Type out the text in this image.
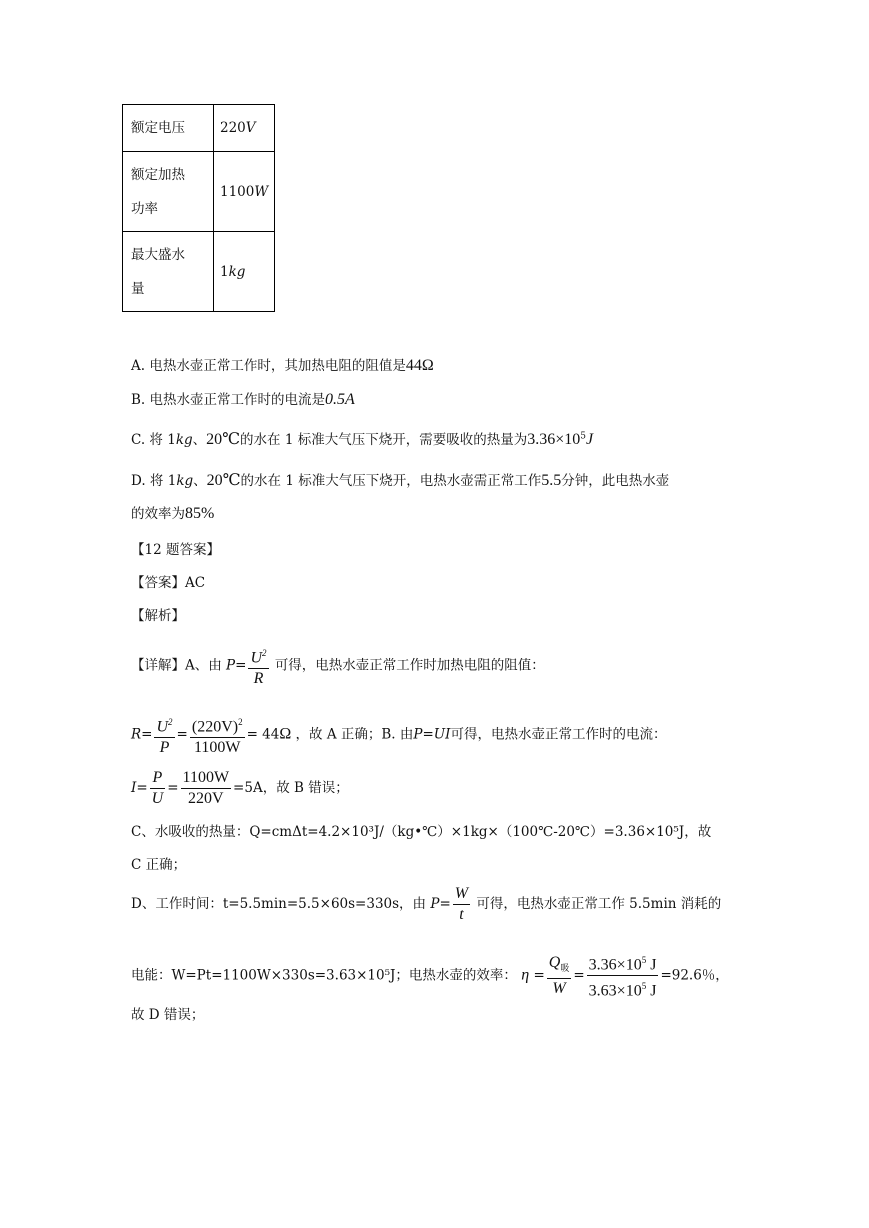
额定电压	220V
额定加热
功率	1100W
最大盛水
量	1kg
A. 电热水壶正常工作时，其加热电阻的阻值是44Ω
B. 电热水壶正常工作时的电流是0.5A
C. 将 1kg、20℃的水在 1 标准大气压下烧开，需要吸收的热量为$3.36\times 10^5J$
D. 将 1kg、20℃的水在 1 标准大气压下烧开，电热水壶需正常工作5.5分钟，此电热水壶
的效率为85%
【12 题答案】
【答案】AC
【解析】
【详解】A、由 $P= \frac{U^2}{R}$ 可得，电热水壶正常工作时加热电阻的阻值：
$R= \frac{U^2}{P} = \frac{(220V)^2}{1100W} = 44\Omega$ ，故 A 正确；B. 由P=UI可得，电热水壶正常工作时的电流：
$I= \frac{P}{U} = \frac{1100W}{220V} =5A$，故 B 错误；
C、水吸收的热量：Q=cmΔt=4.2×10³J/（kg•℃）×1kg×（100℃-20℃）=3.36×10⁵J，故
C 正确；
D、工作时间：t=5.5min=5.5×60s=330s，由 $P= \frac{W}{t}$ 可得，电热水壶正常工作 5.5min 消耗的
电能：W=Pt=1100W×330s=3.63×10⁵J；电热水壶的效率： $\eta = \frac{Q_吸}{W} = \frac{3.36\times 10^5 J}{3.63\times 10^5 J} =92.6$％，
故 D 错误；
